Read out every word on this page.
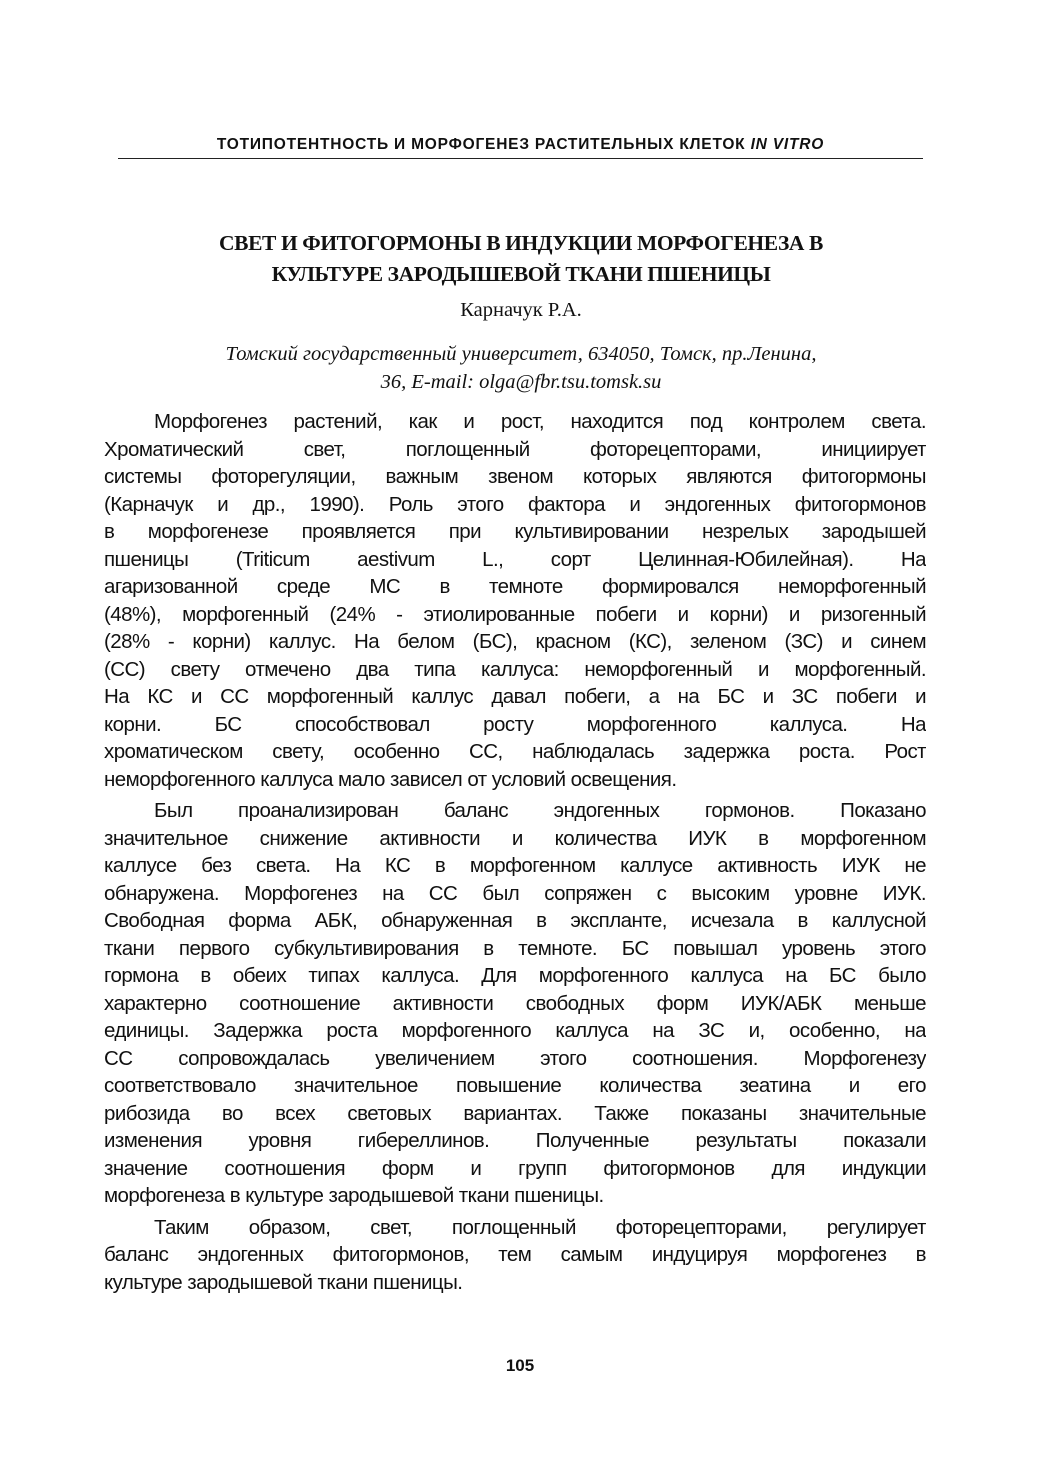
ТОТИПОТЕНТНОСТЬ И МОРФОГЕНЕЗ РАСТИТЕЛЬНЫХ КЛЕТОК IN VITRO
СВЕТ И ФИТОГОРМОНЫ В ИНДУКЦИИ МОРФОГЕНЕЗА В
КУЛЬТУРЕ ЗАРОДЫШЕВОЙ ТКАНИ ПШЕНИЦЫ
Карначук Р.А.
Томский государственный университет, 634050, Томск, пр.Ленина,
36, E-mail: olga@fbr.tsu.tomsk.su

Морфогенез растений, как и рост, находится под контролем света.
Хроматический свет, поглощенный фоторецепторами, инициирует
системы фоторегуляции, важным звеном которых являются фитогормоны
(Карначук и др., 1990). Роль этого фактора и эндогенных фитогормонов
в морфогенезе проявляется при культивировании незрелых зародышей
пшеницы (Triticum aestivum L., сорт Целинная-Юбилейная). На
агаризованной среде МС в темноте формировался неморфогенный
(48%), морфогенный (24% - этиолированные побеги и корни) и ризогенный
(28% - корни) каллус. На белом (БС), красном (КС), зеленом (ЗС) и синем
(СС) свету отмечено два типа каллуса: неморфогенный и морфогенный.
На КС и СС морфогенный каллус давал побеги, а на БС и ЗС побеги и
корни. БС способствовал росту морфогенного каллуса. На
хроматическом свету, особенно СС, наблюдалась задержка роста. Рост
неморфогенного каллуса мало зависел от условий освещения.

Был проанализирован баланс эндогенных гормонов. Показано
значительное снижение активности и количества ИУК в морфогенном
каллусе без света. На КС в морфогенном каллусе активность ИУК не
обнаружена. Морфогенез на СС был сопряжен с высоким уровне ИУК.
Свободная форма АБК, обнаруженная в экспланте, исчезала в каллусной
ткани первого субкультивирования в темноте. БС повышал уровень этого
гормона в обеих типах каллуса. Для морфогенного каллуса на БС было
характерно соотношение активности свободных форм ИУК/АБК меньше
единицы. Задержка роста морфогенного каллуса на ЗС и, особенно, на
СС сопровождалась увеличением этого соотношения. Морфогенезу
соответствовало значительное повышение количества зеатина и его
рибозида во всех световых вариантах. Также показаны значительные
изменения уровня гибереллинов. Полученные результаты показали
значение соотношения форм и групп фитогормонов для индукции
морфогенеза в культуре зародышевой ткани пшеницы.

Таким образом, свет, поглощенный фоторецепторами, регулирует
баланс эндогенных фитогормонов, тем самым индуцируя морфогенез в
культуре зародышевой ткани пшеницы.

105
